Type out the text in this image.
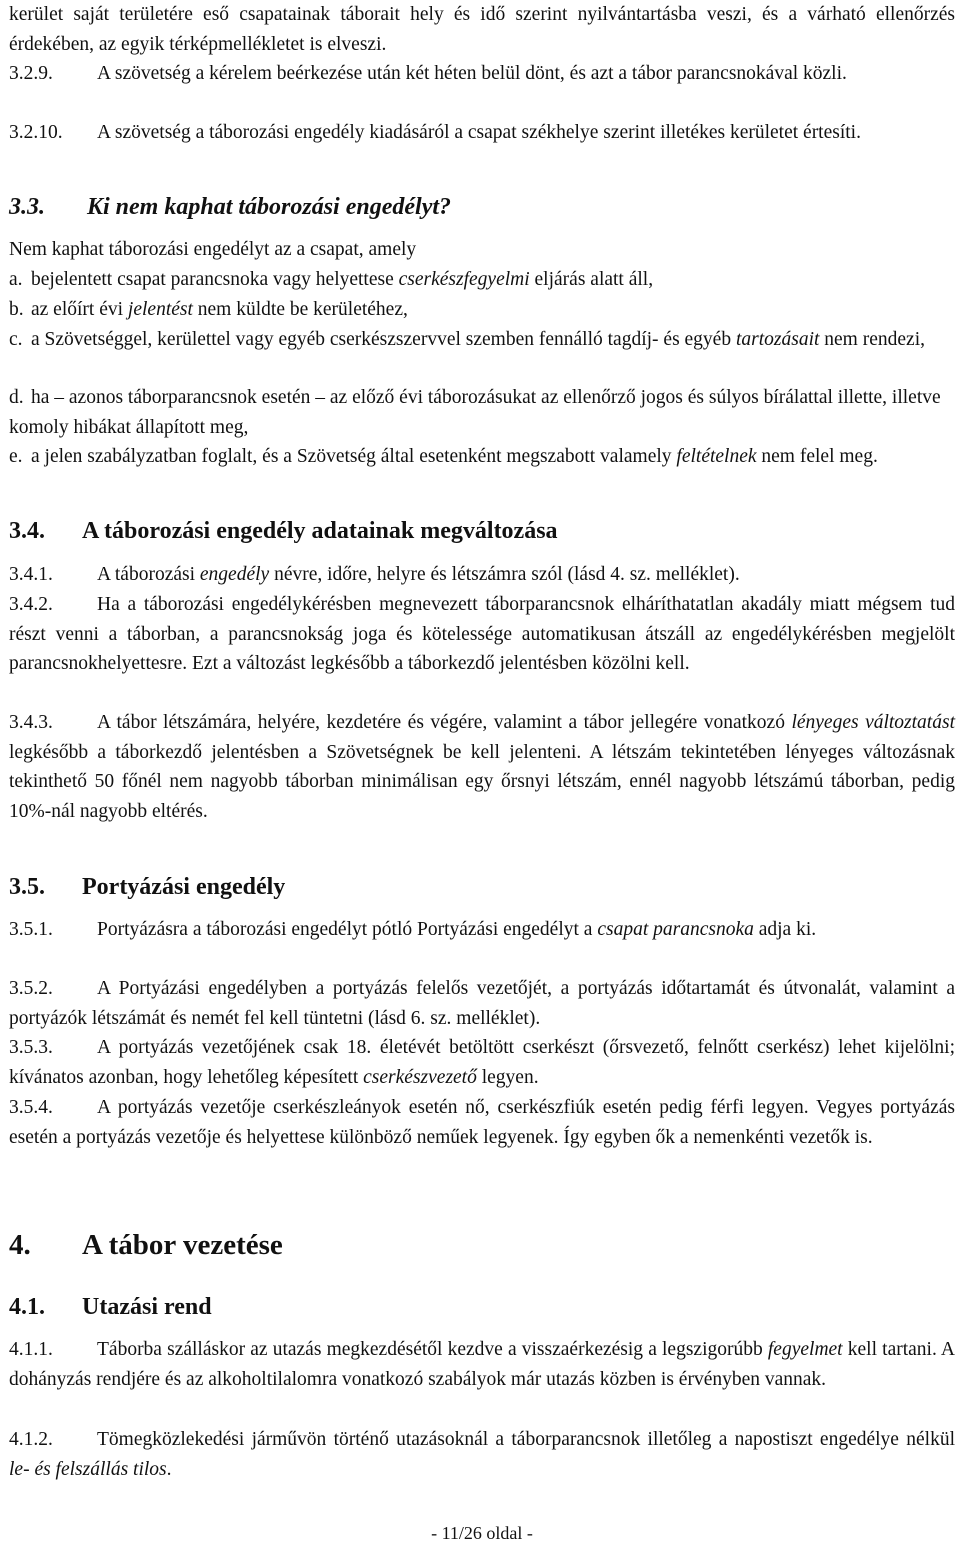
kerület saját területére eső csapatainak táborait hely és idő szerint nyilvántartásba veszi, és a várható ellenőrzés érdekében, az egyik térképmellékletet is elveszi.

3.2.9. A szövetség a kérelem beérkezése után két héten belül dönt, és azt a tábor parancsnokával közli.

3.2.10. A szövetség a táborozási engedély kiadásáról a csapat székhelye szerint illetékes kerületet értesíti.

3.3. Ki nem kaphat táborozási engedélyt?

Nem kaphat táborozási engedélyt az a csapat, amely

a. bejelentett csapat parancsnoka vagy helyettese cserkészfegyelmi eljárás alatt áll,

b. az előírt évi jelentést nem küldte be kerületéhez,

c. a Szövetséggel, kerülettel vagy egyéb cserkészszervvel szemben fennálló tagdíj- és egyéb tartozásait nem rendezi,

d. ha – azonos táborparancsnok esetén – az előző évi táborozásukat az ellenőrző jogos és súlyos bírálattal illette, illetve komoly hibákat állapított meg,

e. a jelen szabályzatban foglalt, és a Szövetség által esetenként megszabott valamely feltételnek nem felel meg.

3.4. A táborozási engedély adatainak megváltozása

3.4.1. A táborozási engedély névre, időre, helyre és létszámra szól (lásd 4. sz. melléklet).

3.4.2. Ha a táborozási engedélykérésben megnevezett táborparancsnok elháríthatatlan akadály miatt mégsem tud részt venni a táborban, a parancsnokság joga és kötelessége automatikusan átszáll az engedélykérésben megjelölt parancsnokhelyettesre. Ezt a változást legkésőbb a táborkezdő jelentésben közölni kell.

3.4.3. A tábor létszámára, helyére, kezdetére és végére, valamint a tábor jellegére vonatkozó lényeges változtatást legkésőbb a táborkezdő jelentésben a Szövetségnek be kell jelenteni. A létszám tekintetében lényeges változásnak tekinthető 50 főnél nem nagyobb táborban minimálisan egy őrsnyi létszám, ennél nagyobb létszámú táborban, pedig 10%-nál nagyobb eltérés.

3.5. Portyázási engedély

3.5.1. Portyázásra a táborozási engedélyt pótló Portyázási engedélyt a csapat parancsnoka adja ki.

3.5.2. A Portyázási engedélyben a portyázás felelős vezetőjét, a portyázás időtartamát és útvonalát, valamint a portyázók létszámát és nemét fel kell tüntetni (lásd 6. sz. melléklet).

3.5.3. A portyázás vezetőjének csak 18. életévét betöltött cserkészt (őrsvezető, felnőtt cserkész) lehet kijelölni; kívánatos azonban, hogy lehetőleg képesített cserkészvezető legyen.

3.5.4. A portyázás vezetője cserkészleányok esetén nő, cserkészfiúk esetén pedig férfi legyen. Vegyes portyázás esetén a portyázás vezetője és helyettese különböző neműek legyenek. Így egyben ők a nemenkénti vezetők is.

4. A tábor vezetése
4.1. Utazási rend

4.1.1. Táborba szálláskor az utazás megkezdésétől kezdve a visszaérkezésig a legszigorúbb fegyelmet kell tartani. A dohányzás rendjére és az alkoholtilalomra vonatkozó szabályok már utazás közben is érvényben vannak.

4.1.2. Tömegközlekedési járművön történő utazásoknál a táborparancsnok illetőleg a napostiszt engedélye nélkül le- és felszállás tilos.

- 11/26 oldal -
